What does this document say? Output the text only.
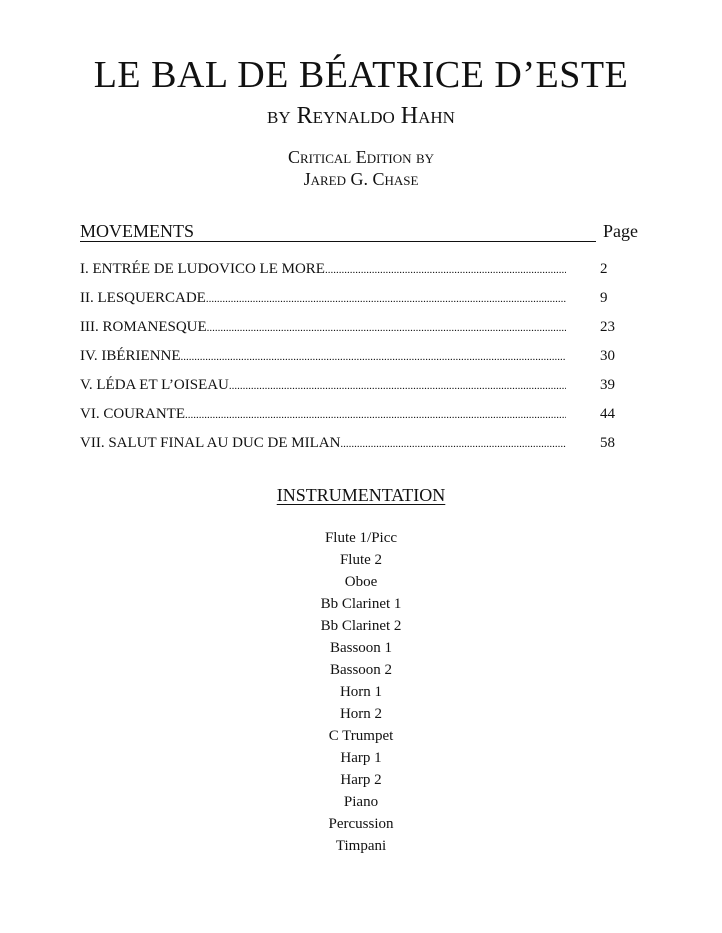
LE BAL DE BÉATRICE D’ESTE
by Reynaldo Hahn
Critical Edition by
Jared G. Chase
MOVEMENTS	Page
I. ENTRÉE DE LUDOVICO LE MORE .....	2
II. LESQUERCADE .....	9
III. ROMANESQUE .....	23
IV. IBÉRIENNE .....	30
V. LÉDA ET L’OISEAU .....	39
VI. COURANTE .....	44
VII. SALUT FINAL AU DUC DE MILAN .....	58
INSTRUMENTATION
Flute 1/Picc
Flute 2
Oboe
Bb Clarinet 1
Bb Clarinet 2
Bassoon 1
Bassoon 2
Horn 1
Horn 2
C Trumpet
Harp 1
Harp 2
Piano
Percussion
Timpani
